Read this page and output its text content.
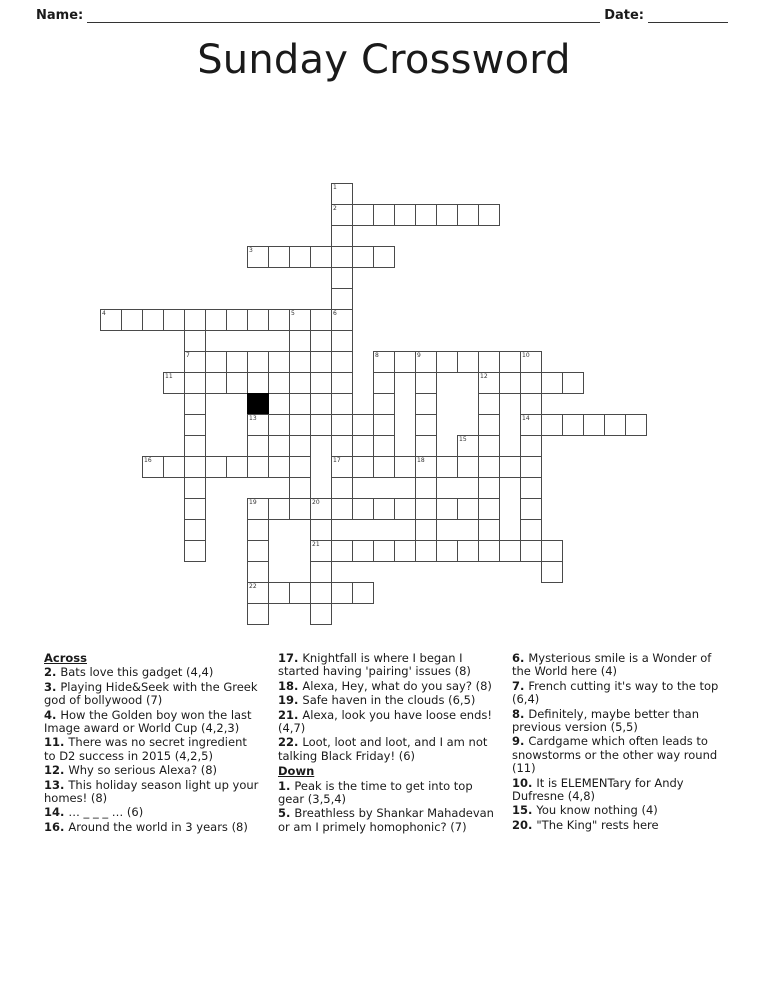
Name:	Date:
Sunday Crossword
1
2
3
4	5	6
7	8	9	10
11	12
13	14
15
16	17	18
19	20
21
22
Across

2. Bats love this gadget (4,4)

3. Playing Hide&Seek with the Greek god of bollywood (7)

4. How the Golden boy won the last Image award or World Cup (4,2,3)

11. There was no secret ingredient to D2 success in 2015 (4,2,5)

12. Why so serious Alexa? (8)

13. This holiday season light up your homes! (8)

14. … _ _ _ … (6)

16. Around the world in 3 years (8)

17. Knightfall is where I began I started having 'pairing' issues (8)

18. Alexa, Hey, what do you say? (8)

19. Safe haven in the clouds (6,5)

21. Alexa, look you have loose ends! (4,7)

22. Loot, loot and loot, and I am not talking Black Friday! (6)

Down

1. Peak is the time to get into top gear (3,5,4)

5. Breathless by Shankar Mahadevan or am I primely homophonic? (7)

6. Mysterious smile is a Wonder of the World here (4)

7. French cutting it's way to the top (6,4)

8. Definitely, maybe better than previous version (5,5)

9. Cardgame which often leads to snowstorms or the other way round (11)

10. It is ELEMENTary for Andy Dufresne (4,8)

15. You know nothing (4)

20. "The King" rests here
